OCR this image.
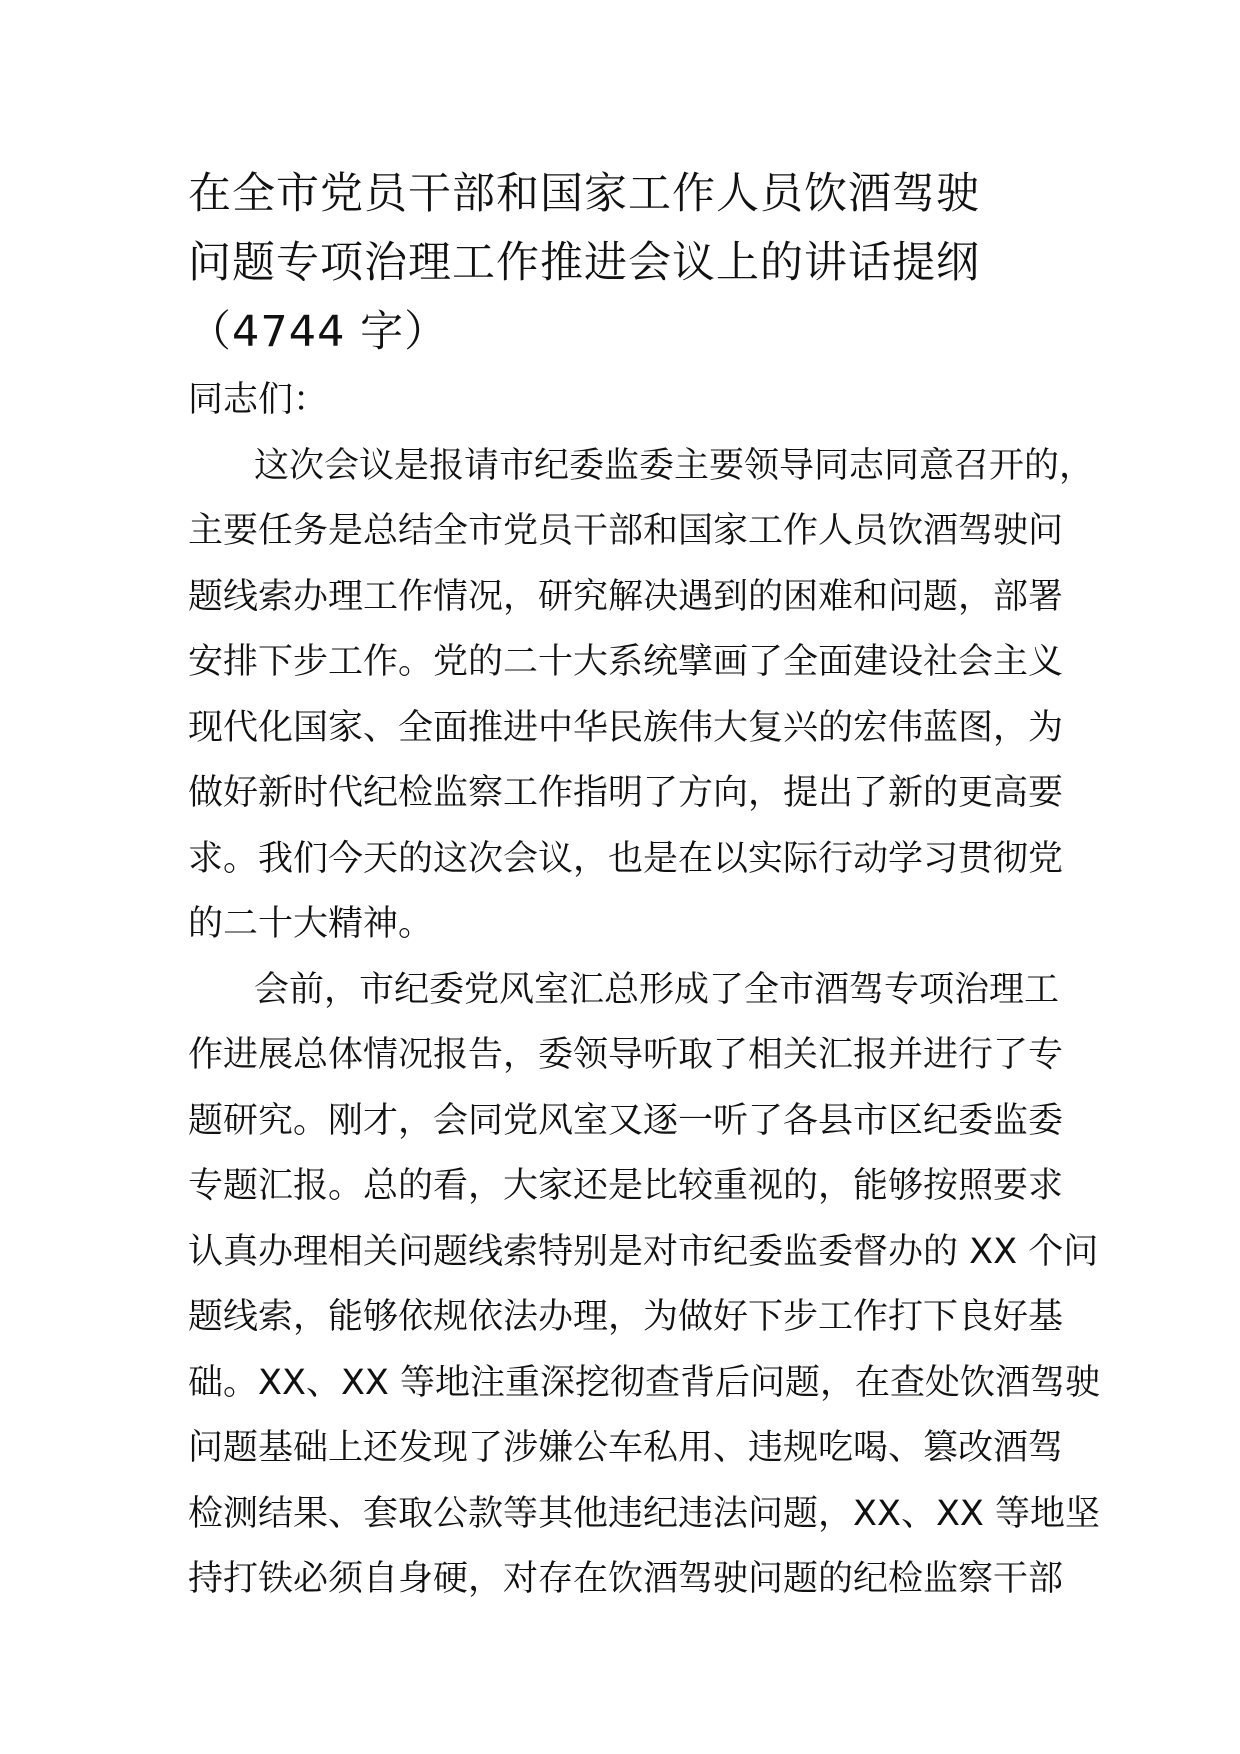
在全市党员干部和国家工作人员饮酒驾驶
问题专项治理工作推进会议上的讲话提纲
（4744 字）
同志们：
这次会议是报请市纪委监委主要领导同志同意召开的，
主要任务是总结全市党员干部和国家工作人员饮酒驾驶问
题线索办理工作情况，研究解决遇到的困难和问题，部署
安排下步工作。党的二十大系统擘画了全面建设社会主义
现代化国家、全面推进中华民族伟大复兴的宏伟蓝图，为
做好新时代纪检监察工作指明了方向，提出了新的更高要
求。我们今天的这次会议，也是在以实际行动学习贯彻党
的二十大精神。
会前，市纪委党风室汇总形成了全市酒驾专项治理工
作进展总体情况报告，委领导听取了相关汇报并进行了专
题研究。刚才，会同党风室又逐一听了各县市区纪委监委
专题汇报。总的看，大家还是比较重视的，能够按照要求
认真办理相关问题线索特别是对市纪委监委督办的 XX 个问
题线索，能够依规依法办理，为做好下步工作打下良好基
础。XX、XX 等地注重深挖彻查背后问题，在查处饮酒驾驶
问题基础上还发现了涉嫌公车私用、违规吃喝、篡改酒驾
检测结果、套取公款等其他违纪违法问题，XX、XX 等地坚
持打铁必须自身硬，对存在饮酒驾驶问题的纪检监察干部
